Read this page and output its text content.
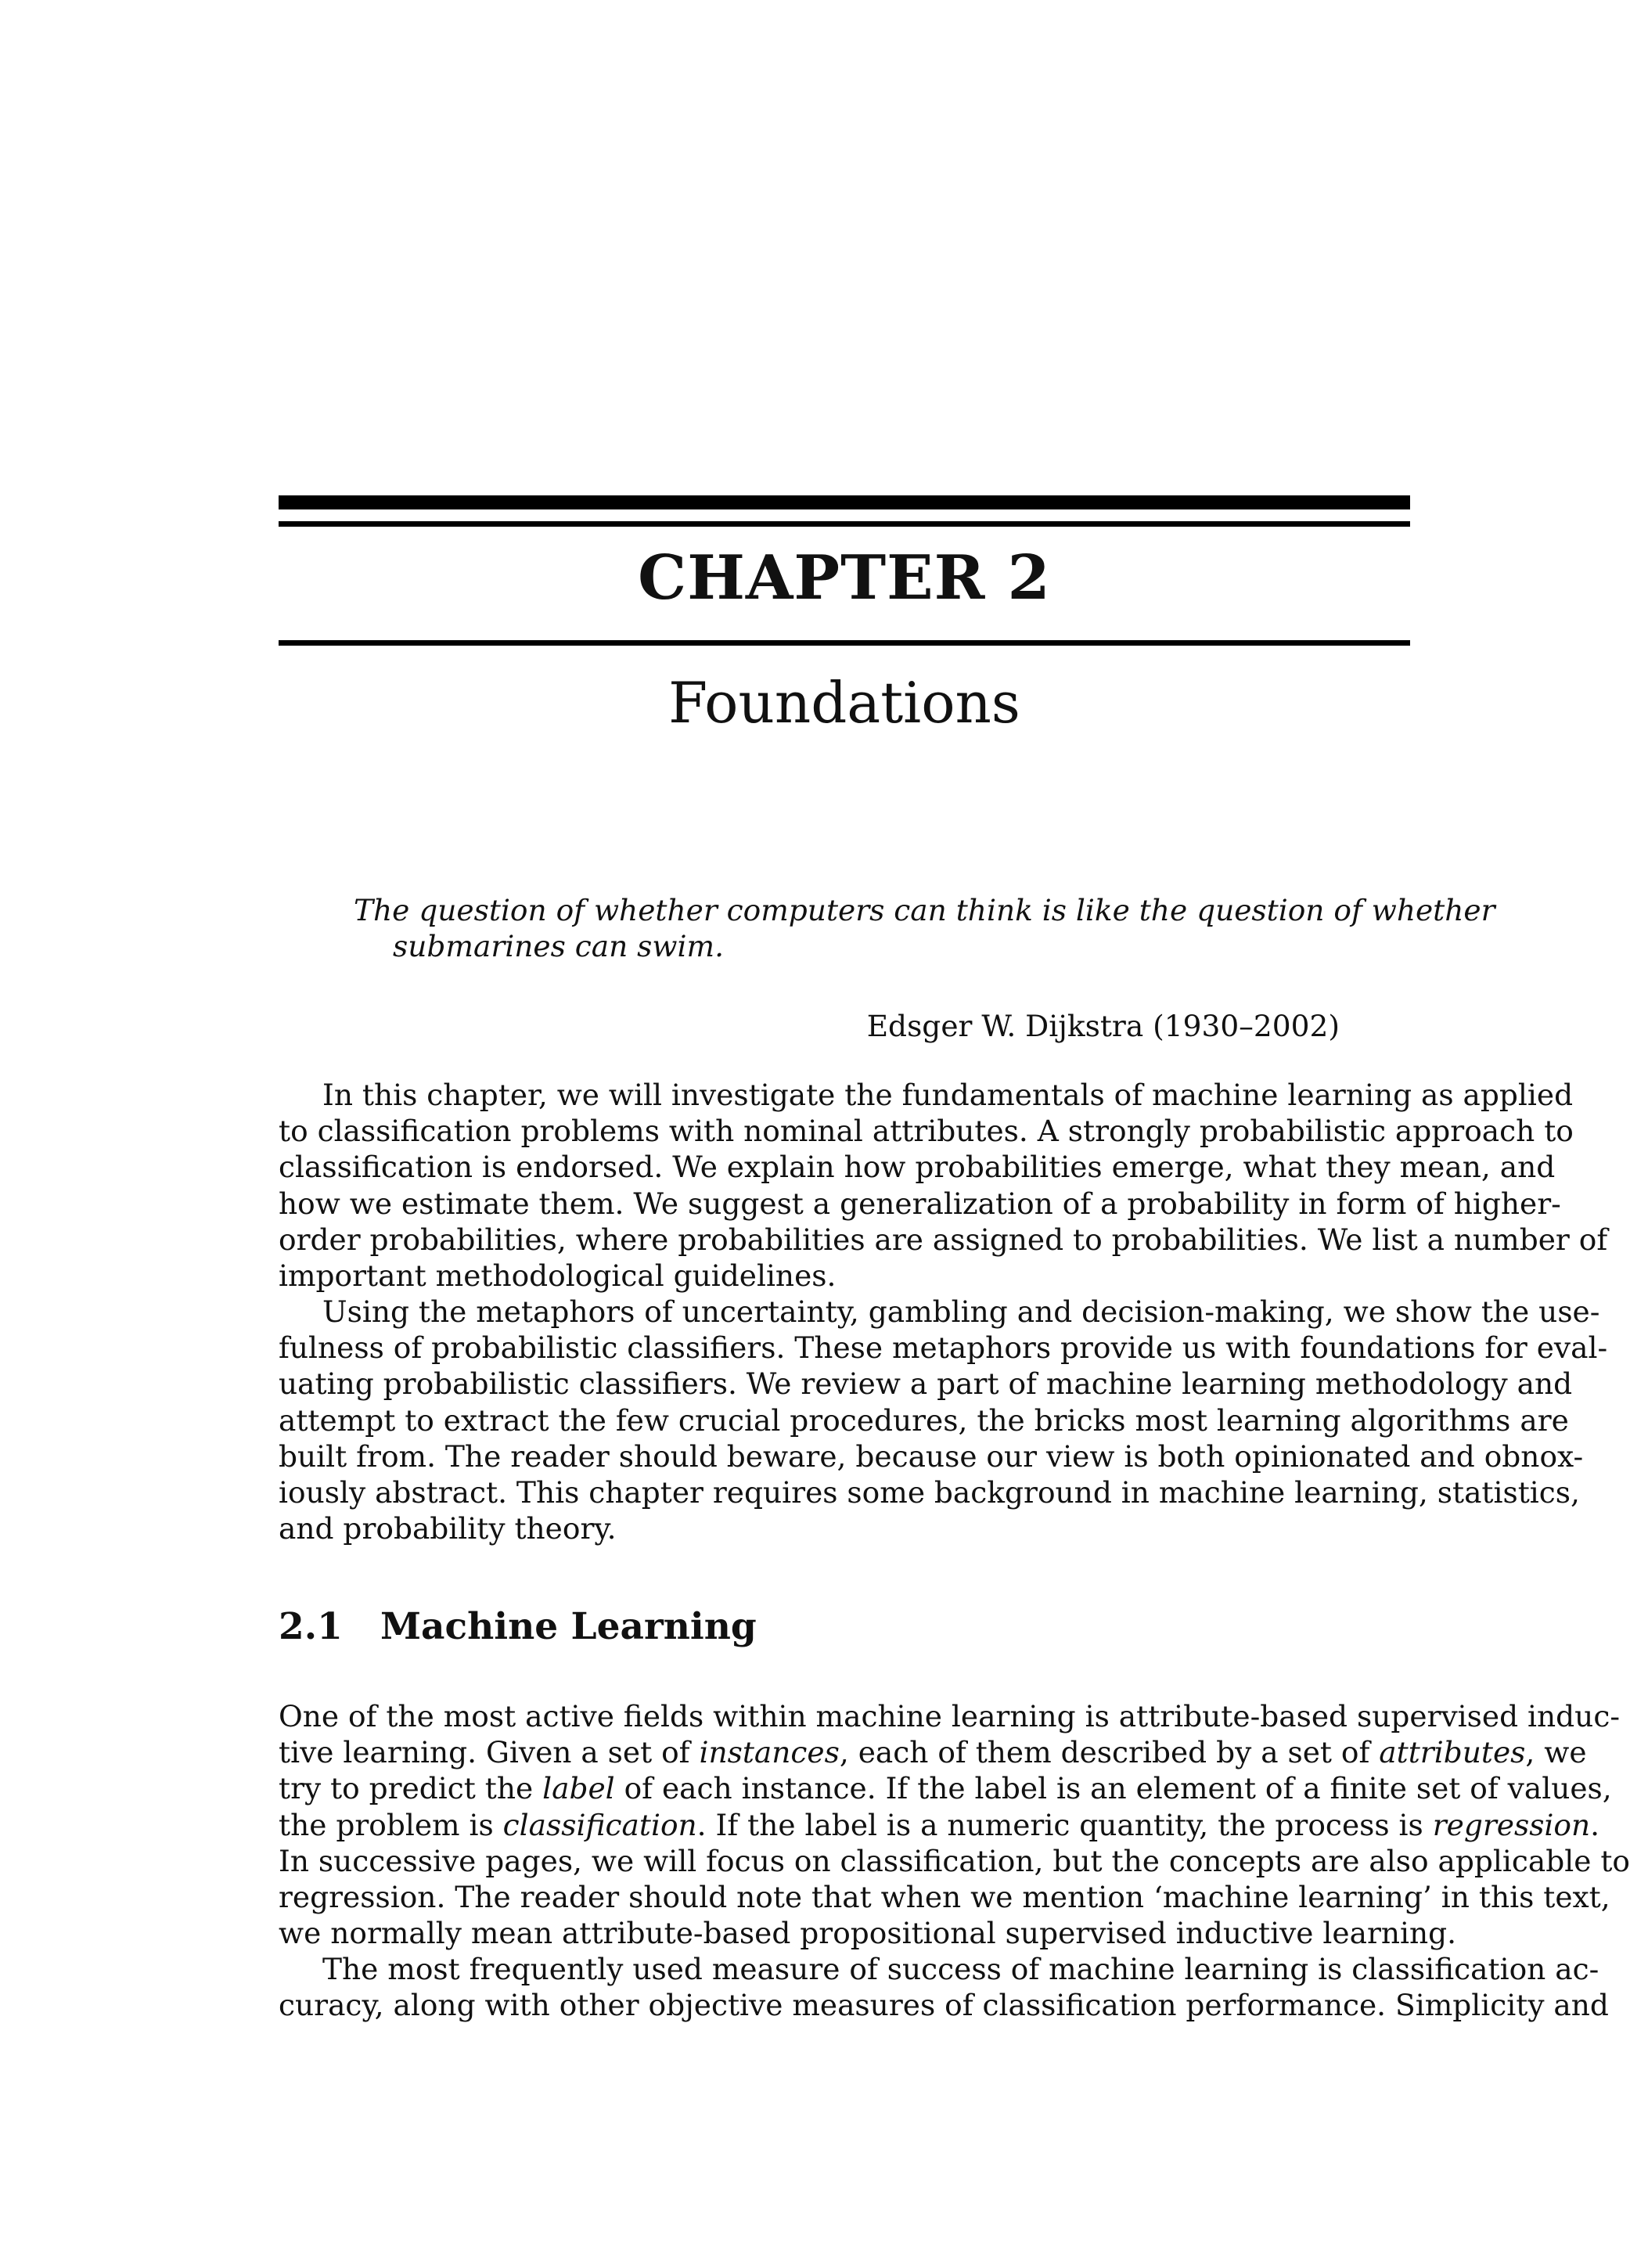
CHAPTER 2
Foundations
The question of whether computers can think is like the question of whether
submarines can swim.
Edsger W. Dijkstra (1930–2002)
In this chapter, we will investigate the fundamentals of machine learning as applied
to classification problems with nominal attributes. A strongly probabilistic approach to
classification is endorsed. We explain how probabilities emerge, what they mean, and
how we estimate them. We suggest a generalization of a probability in form of higher-
order probabilities, where probabilities are assigned to probabilities. We list a number of
important methodological guidelines.
Using the metaphors of uncertainty, gambling and decision-making, we show the use-
fulness of probabilistic classifiers. These metaphors provide us with foundations for eval-
uating probabilistic classifiers. We review a part of machine learning methodology and
attempt to extract the few crucial procedures, the bricks most learning algorithms are
built from. The reader should beware, because our view is both opinionated and obnox-
iously abstract. This chapter requires some background in machine learning, statistics,
and probability theory.
2.1 Machine Learning
One of the most active fields within machine learning is attribute-based supervised induc-
tive learning. Given a set of instances, each of them described by a set of attributes, we
try to predict the label of each instance. If the label is an element of a finite set of values,
the problem is classification. If the label is a numeric quantity, the process is regression.
In successive pages, we will focus on classification, but the concepts are also applicable to
regression. The reader should note that when we mention ‘machine learning’ in this text,
we normally mean attribute-based propositional supervised inductive learning.
The most frequently used measure of success of machine learning is classification ac-
curacy, along with other objective measures of classification performance. Simplicity and
